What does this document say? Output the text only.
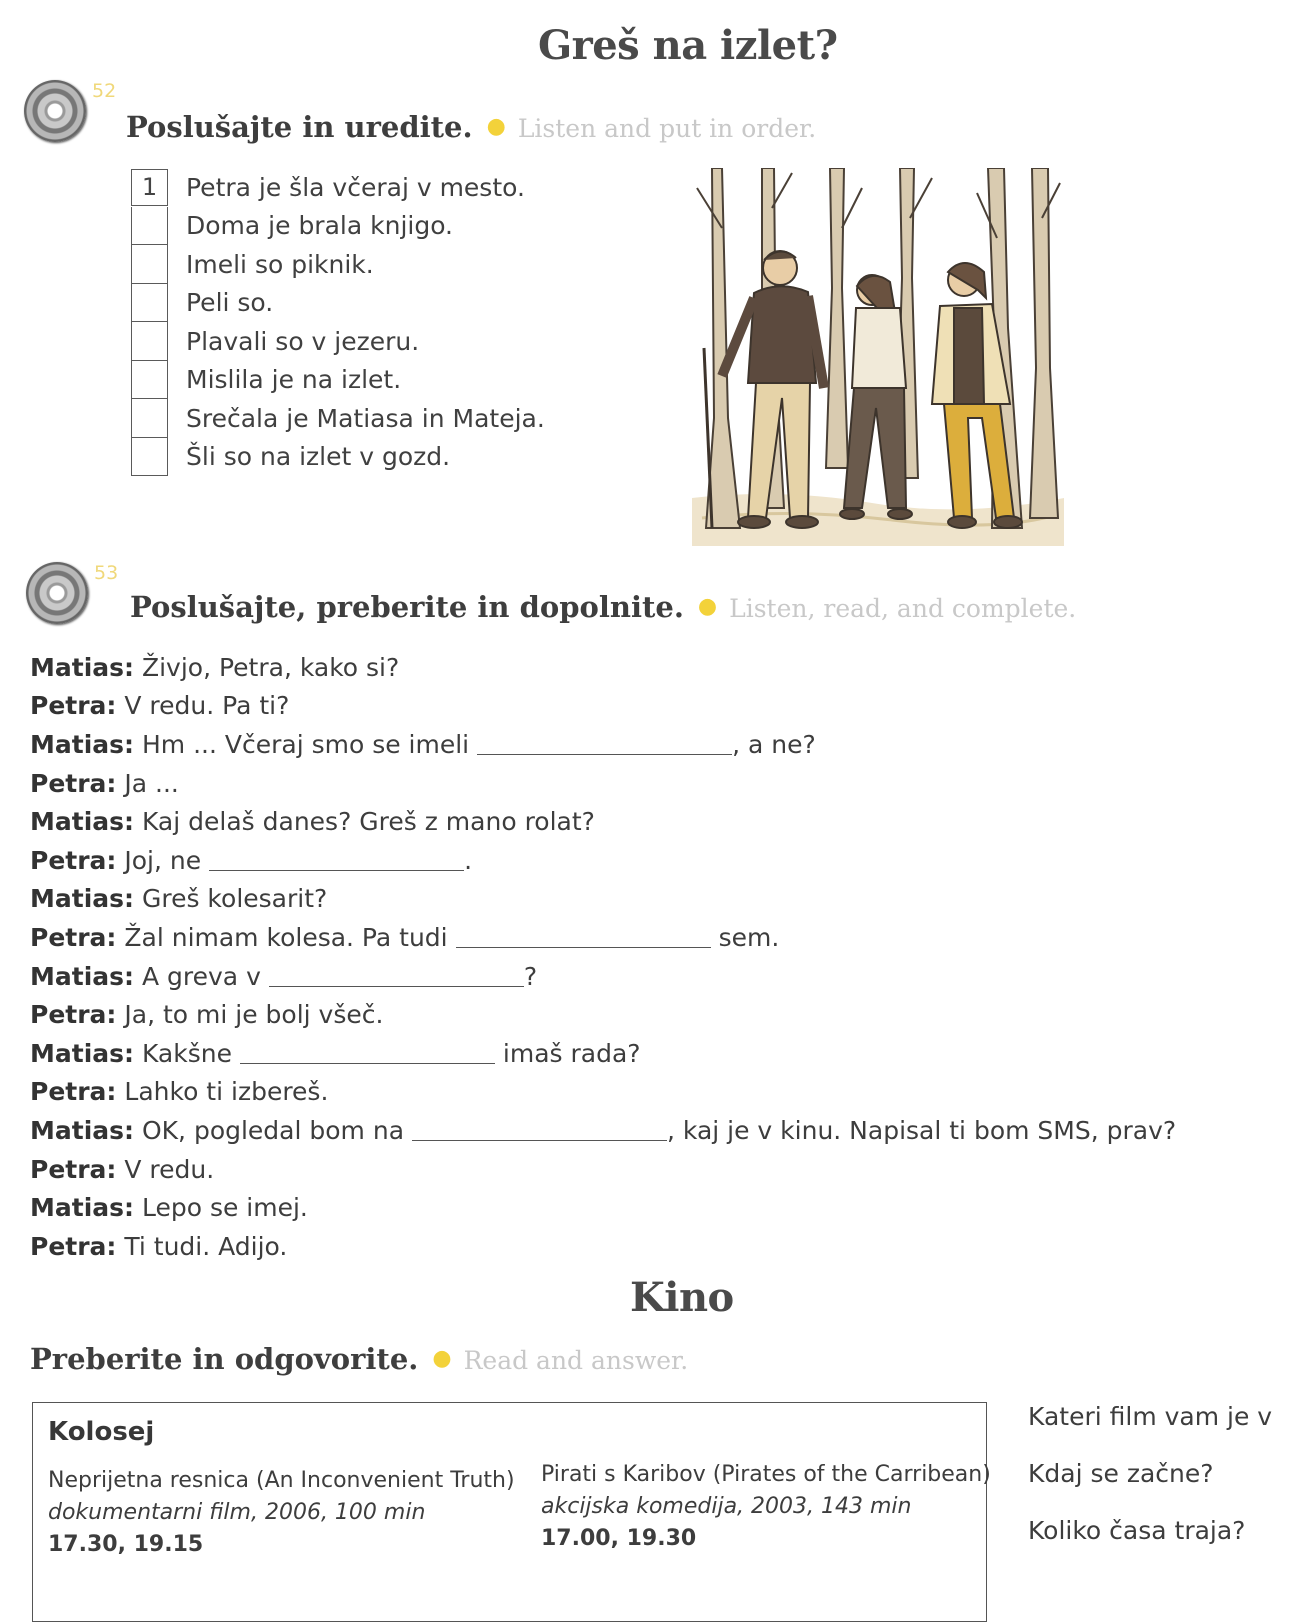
Greš na izlet?
52
Poslušajte in uredite. ● Listen and put in order.
1	Petra je šla včeraj v mesto.
Doma je brala knjigo.
Imeli so piknik.
Peli so.
Plavali so v jezeru.
Mislila je na izlet.
Srečala je Matiasa in Mateja.
Šli so na izlet v gozd.
53
Poslušajte, preberite in dopolnite. ● Listen, read, and complete.
Matias: Živjo, Petra, kako si?
Petra: V redu. Pa ti?
Matias: Hm ... Včeraj smo se imeli	, a ne?
Petra: Ja ...
Matias: Kaj delaš danes? Greš z mano rolat?
Petra: Joj, ne	.
Matias: Greš kolesarit?
Petra: Žal nimam kolesa. Pa tudi	sem.
Matias: A greva v	?
Petra: Ja, to mi je bolj všeč.
Matias: Kakšne	imaš rada?
Petra: Lahko ti izbereš.
Matias: OK, pogledal bom na	, kaj je v kinu. Napisal ti bom SMS, prav?
Petra: V redu.
Matias: Lepo se imej.
Petra: Ti tudi. Adijo.
Kino
Preberite in odgovorite. ● Read and answer.
Kolosej
Neprijetna resnica (An Inconvenient Truth)
dokumentarni film, 2006, 100 min
17.30, 19.15
Pirati s Karibov (Pirates of the Carribean)
akcijska komedija, 2003, 143 min
17.00, 19.30
Kateri film vam je v
Kdaj se začne?
Koliko časa traja?
